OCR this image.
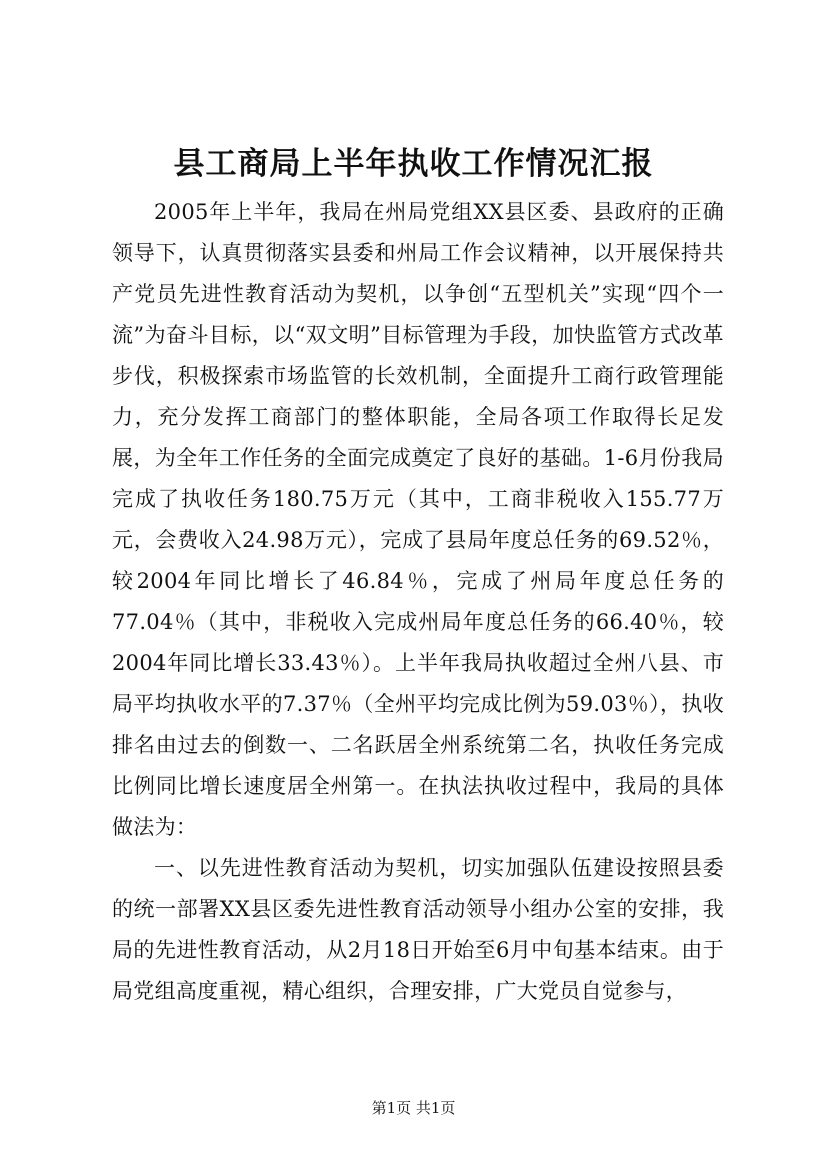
县工商局上半年执收工作情况汇报

2005年上半年，我局在州局党组XX县区委、县政府的正确领导下，认真贯彻落实县委和州局工作会议精神，以开展保持共产党员先进性教育活动为契机，以争创“五型机关”实现“四个一流”为奋斗目标，以“双文明”目标管理为手段，加快监管方式改革步伐，积极探索市场监管的长效机制，全面提升工商行政管理能力，充分发挥工商部门的整体职能，全局各项工作取得长足发展，为全年工作任务的全面完成奠定了良好的基础。1-6月份我局完成了执收任务180.75万元（其中，工商非税收入155.77万元，会费收入24.98万元），完成了县局年度总任务的69.52％，较2004年同比增长了46.84％，完成了州局年度总任务的77.04％（其中，非税收入完成州局年度总任务的66.40％，较2004年同比增长33.43％）。上半年我局执收超过全州八县、市局平均执收水平的7.37％（全州平均完成比例为59.03％），执收排名由过去的倒数一、二名跃居全州系统第二名，执收任务完成比例同比增长速度居全州第一。在执法执收过程中，我局的具体做法为：

一、以先进性教育活动为契机，切实加强队伍建设按照县委的统一部署XX县区委先进性教育活动领导小组办公室的安排，我局的先进性教育活动，从2月18日开始至6月中旬基本结束。由于局党组高度重视，精心组织，合理安排，广大党员自觉参与，

第1页 共1页
